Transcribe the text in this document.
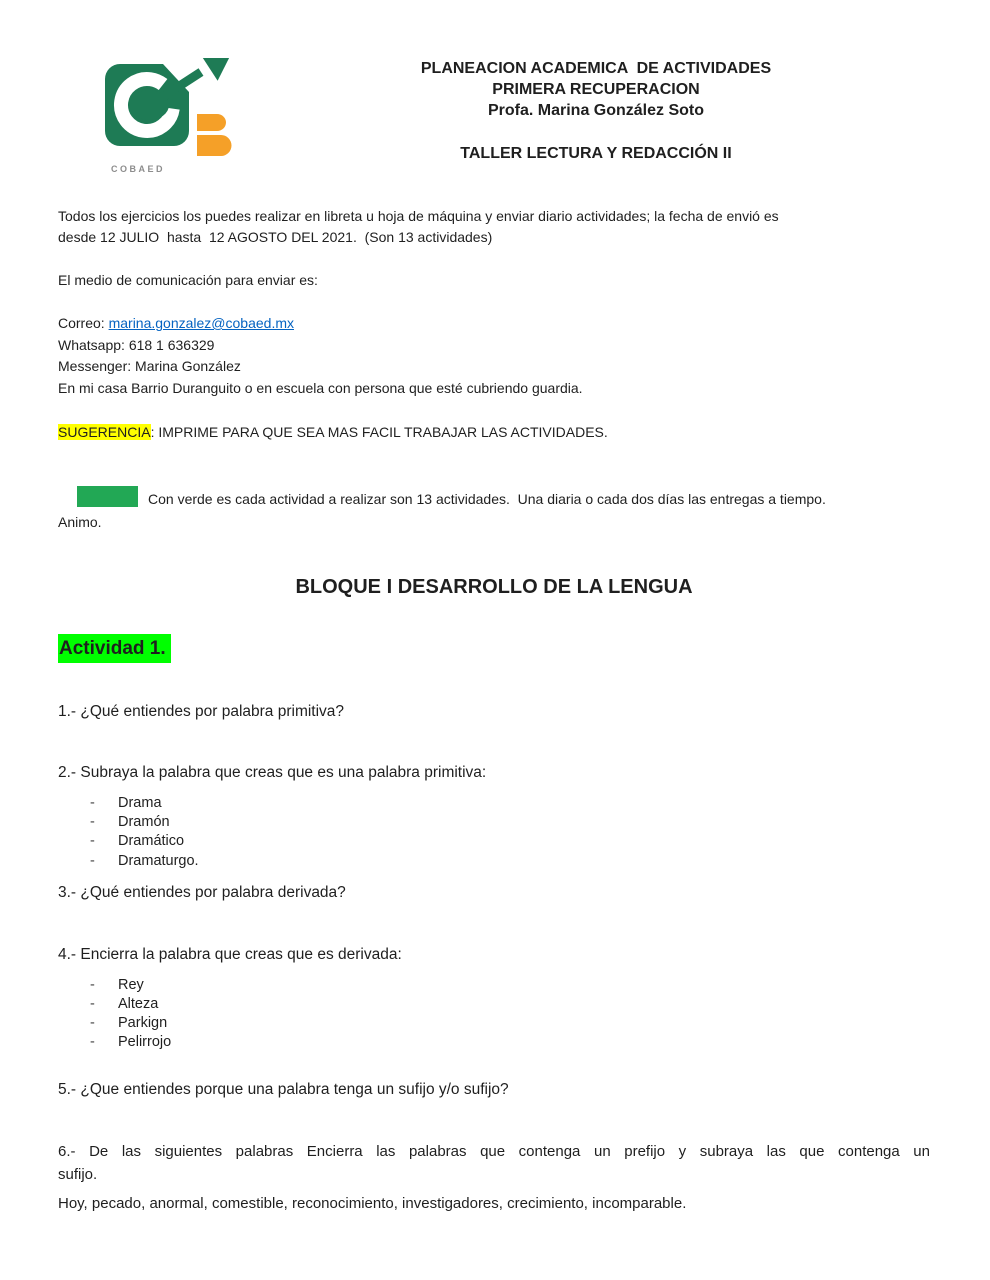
COBAED
PLANEACION ACADEMICA  DE ACTIVIDADES
PRIMERA RECUPERACION
Profa. Marina González Soto
TALLER LECTURA Y REDACCIÓN II
Todos los ejercicios los puedes realizar en libreta u hoja de máquina y enviar diario actividades; la fecha de envió es
desde 12 JULIO  hasta  12 AGOSTO DEL 2021.  (Son 13 actividades)
El medio de comunicación para enviar es:
Correo: marina.gonzalez@cobaed.mx
Whatsapp: 618 1 636329
Messenger: Marina González
En mi casa Barrio Duranguito o en escuela con persona que esté cubriendo guardia.
SUGERENCIA: IMPRIME PARA QUE SEA MAS FACIL TRABAJAR LAS ACTIVIDADES.
Con verde es cada actividad a realizar son 13 actividades.  Una diaria o cada dos días las entregas a tiempo.
Animo.
BLOQUE I DESARROLLO DE LA LENGUA
Actividad 1.
1.- ¿Qué entiendes por palabra primitiva?
2.- Subraya la palabra que creas que es una palabra primitiva:
- Drama
- Dramón
- Dramático
- Dramaturgo.
3.- ¿Qué entiendes por palabra derivada?
4.- Encierra la palabra que creas que es derivada:
- Rey
- Alteza
- Parkign
- Pelirrojo
5.- ¿Que entiendes porque una palabra tenga un sufijo y/o sufijo?
6.- De las siguientes palabras Encierra las palabras que contenga un prefijo y subraya las que contenga un
sufijo.
Hoy, pecado, anormal, comestible, reconocimiento, investigadores, crecimiento, incomparable.
